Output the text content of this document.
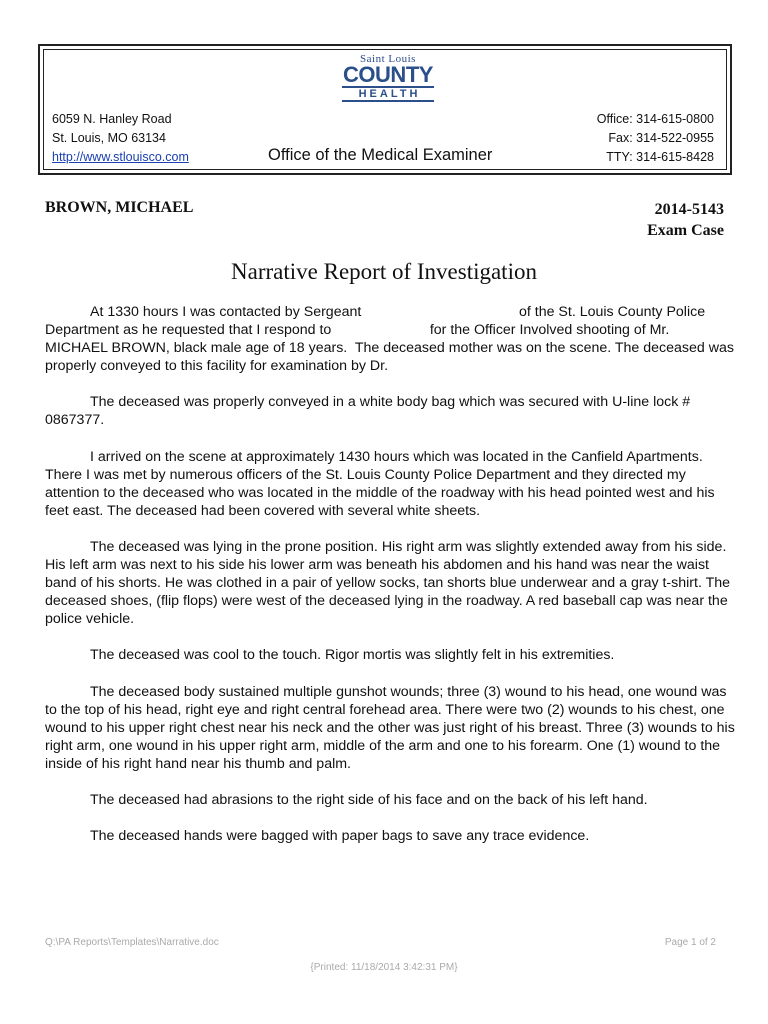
Saint Louis
COUNTY
HEALTH
6059 N. Hanley Road
St. Louis, MO 63134
http://www.stlouisco.com	Office of the Medical Examiner
Office: 314-615-0800
Fax: 314-522-0955
TTY: 314-615-8428
BROWN, MICHAEL	2014-5143
Exam Case
Narrative Report of Investigation

At 1330 hours I was contacted by Sergeant                                        of the St. Louis County Police Department as he requested that I respond to                         for the Officer Involved shooting of Mr. MICHAEL BROWN, black male age of 18 years.  The deceased mother was on the scene. The deceased was properly conveyed to this facility for examination by Dr.

The deceased was properly conveyed in a white body bag which was secured with U-line lock # 0867377.

I arrived on the scene at approximately 1430 hours which was located in the Canfield Apartments. There I was met by numerous officers of the St. Louis County Police Department and they directed my attention to the deceased who was located in the middle of the roadway with his head pointed west and his feet east. The deceased had been covered with several white sheets.

The deceased was lying in the prone position. His right arm was slightly extended away from his side. His left arm was next to his side his lower arm was beneath his abdomen and his hand was near the waist band of his shorts. He was clothed in a pair of yellow socks, tan shorts blue underwear and a gray t-shirt. The deceased shoes, (flip flops) were west of the deceased lying in the roadway. A red baseball cap was near the police vehicle.

The deceased was cool to the touch. Rigor mortis was slightly felt in his extremities.

The deceased body sustained multiple gunshot wounds; three (3) wound to his head, one wound was to the top of his head, right eye and right central forehead area. There were two (2) wounds to his chest, one wound to his upper right chest near his neck and the other was just right of his breast. Three (3) wounds to his right arm, one wound in his upper right arm, middle of the arm and one to his forearm. One (1) wound to the inside of his right hand near his thumb and palm.

The deceased had abrasions to the right side of his face and on the back of his left hand.

The deceased hands were bagged with paper bags to save any trace evidence.

Q:\PA Reports\Templates\Narrative.doc	Page 1 of 2
{Printed: 11/18/2014 3:42:31 PM}
